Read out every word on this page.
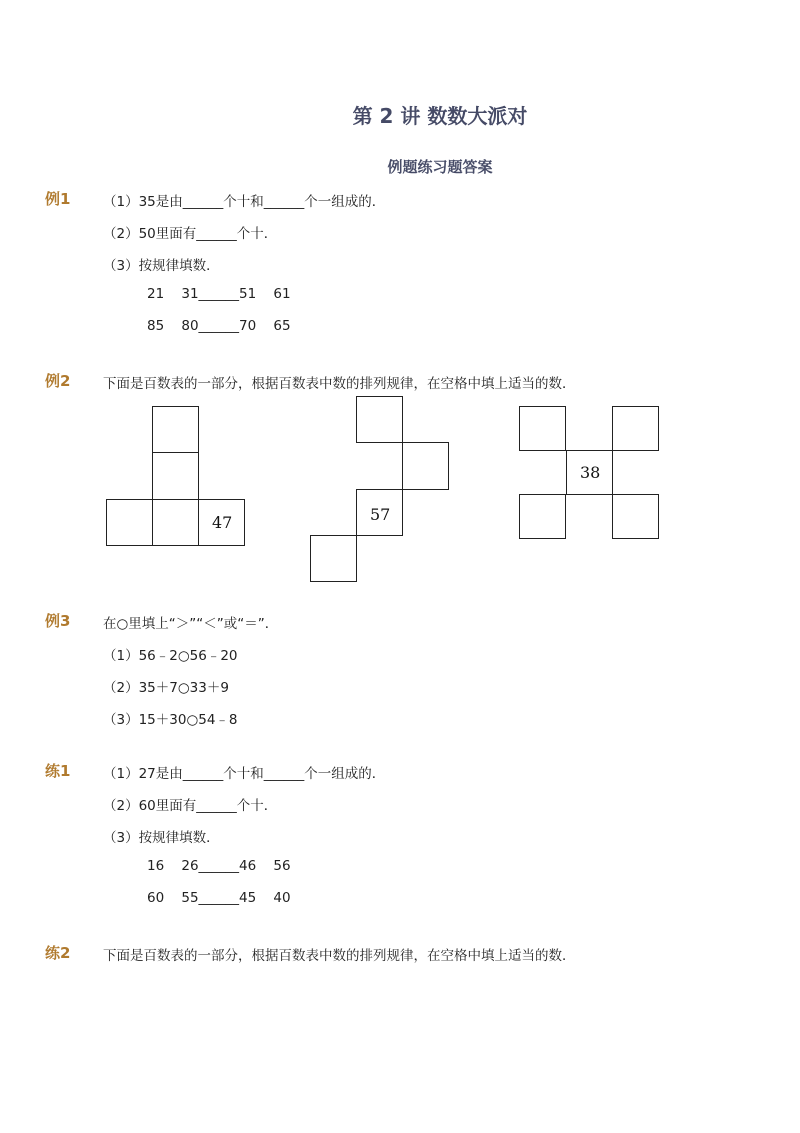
第 2 讲 数数大派对
例题练习题答案
例1 （1）35是由______个十和______个一组成的．
（2）50里面有______个十．
（3）按规律填数．
21 31______51 61
85 80______70 65
例2 下面是百数表的一部分，根据百数表中数的排列规律，在空格中填上适当的数．
47	57
38
例3 在○里填上“＞”“＜”或“＝”．
（1）56﹣2○56﹣20
（2）35＋7○33＋9
（3）15＋30○54﹣8
练1 （1）27是由______个十和______个一组成的．
（2）60里面有______个十．
（3）按规律填数．
16 26______46 56
60 55______45 40
练2 下面是百数表的一部分，根据百数表中数的排列规律，在空格中填上适当的数．
